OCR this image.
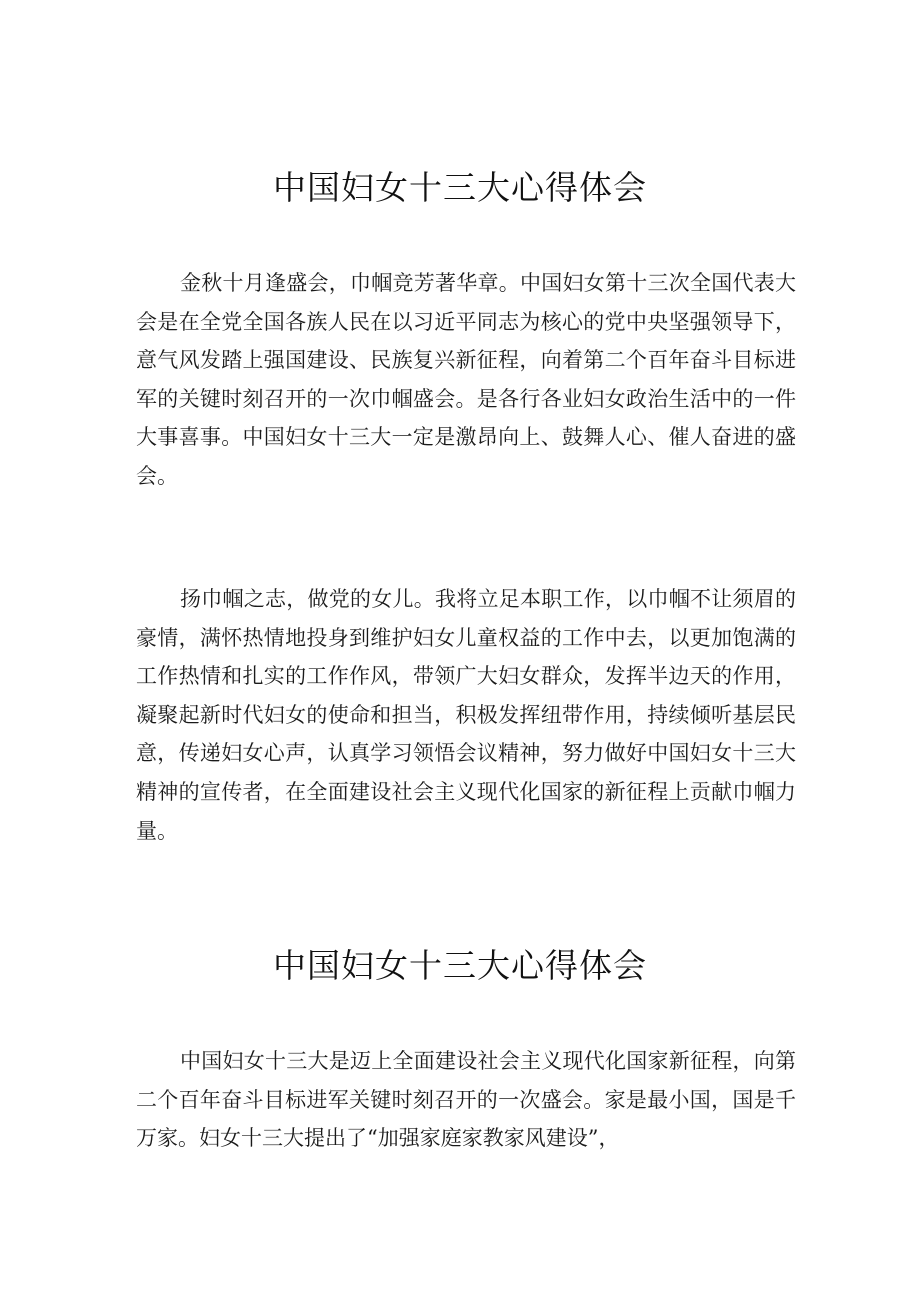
中国妇女十三大心得体会

金秋十月逢盛会，巾帼竞芳著华章。中国妇女第十三次全国代表大会是在全党全国各族人民在以习近平同志为核心的党中央坚强领导下，意气风发踏上强国建设、民族复兴新征程，向着第二个百年奋斗目标进军的关键时刻召开的一次巾帼盛会。是各行各业妇女政治生活中的一件大事喜事。中国妇女十三大一定是激昂向上、鼓舞人心、催人奋进的盛会。

扬巾帼之志，做党的女儿。我将立足本职工作，以巾帼不让须眉的豪情，满怀热情地投身到维护妇女儿童权益的工作中去，以更加饱满的工作热情和扎实的工作作风，带领广大妇女群众，发挥半边天的作用，凝聚起新时代妇女的使命和担当，积极发挥纽带作用，持续倾听基层民意，传递妇女心声，认真学习领悟会议精神，努力做好中国妇女十三大精神的宣传者，在全面建设社会主义现代化国家的新征程上贡献巾帼力量。

中国妇女十三大心得体会

中国妇女十三大是迈上全面建设社会主义现代化国家新征程，向第二个百年奋斗目标进军关键时刻召开的一次盛会。家是最小国，国是千万家。妇女十三大提出了“加强家庭家教家风建设”，
